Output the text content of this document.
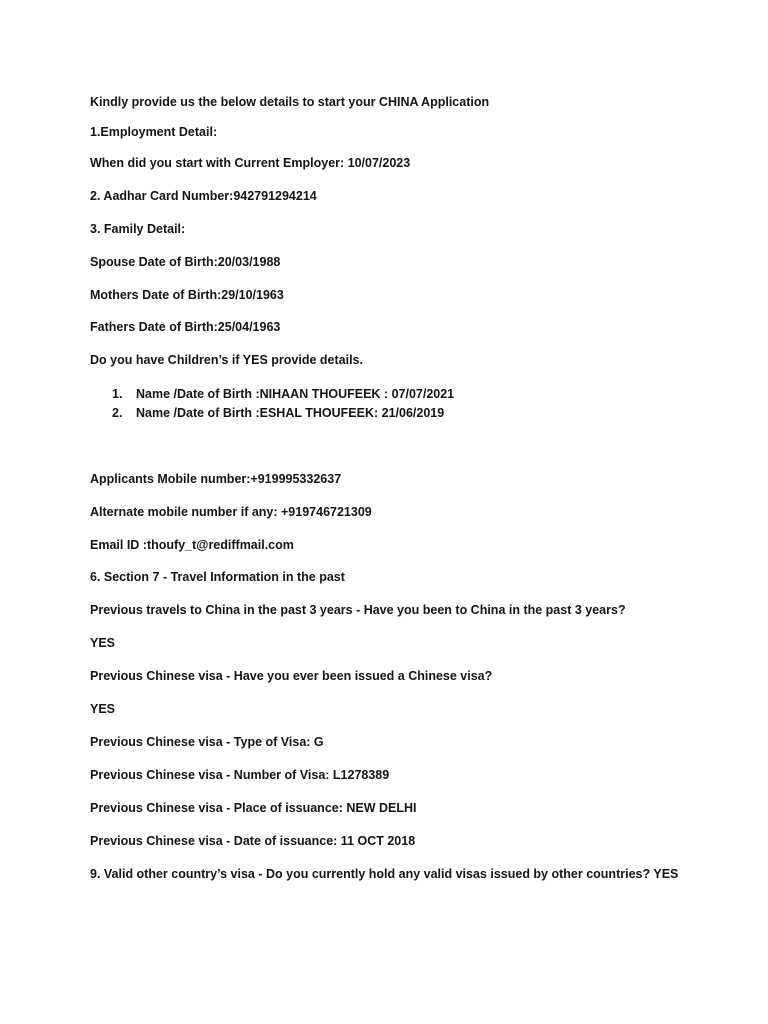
Kindly provide us the below details to start your CHINA Application
1.Employment Detail:
When did you start with Current Employer: 10/07/2023
2. Aadhar Card Number:942791294214
3. Family Detail:
Spouse Date of Birth:20/03/1988
Mothers Date of Birth:29/10/1963
Fathers Date of Birth:25/04/1963
Do you have Children’s if YES provide details.
1. Name /Date of Birth :NIHAAN THOUFEEK : 07/07/2021
2. Name /Date of Birth :ESHAL THOUFEEK: 21/06/2019
Applicants Mobile number:+919995332637
Alternate mobile number if any: +919746721309
Email ID :thoufy_t@rediffmail.com
6. Section 7 - Travel Information in the past
Previous travels to China in the past 3 years - Have you been to China in the past 3 years?
YES
Previous Chinese visa - Have you ever been issued a Chinese visa?
YES
Previous Chinese visa - Type of Visa: G
Previous Chinese visa - Number of Visa: L1278389
Previous Chinese visa - Place of issuance: NEW DELHI
Previous Chinese visa - Date of issuance: 11 OCT 2018
9. Valid other country’s visa - Do you currently hold any valid visas issued by other countries? YES
